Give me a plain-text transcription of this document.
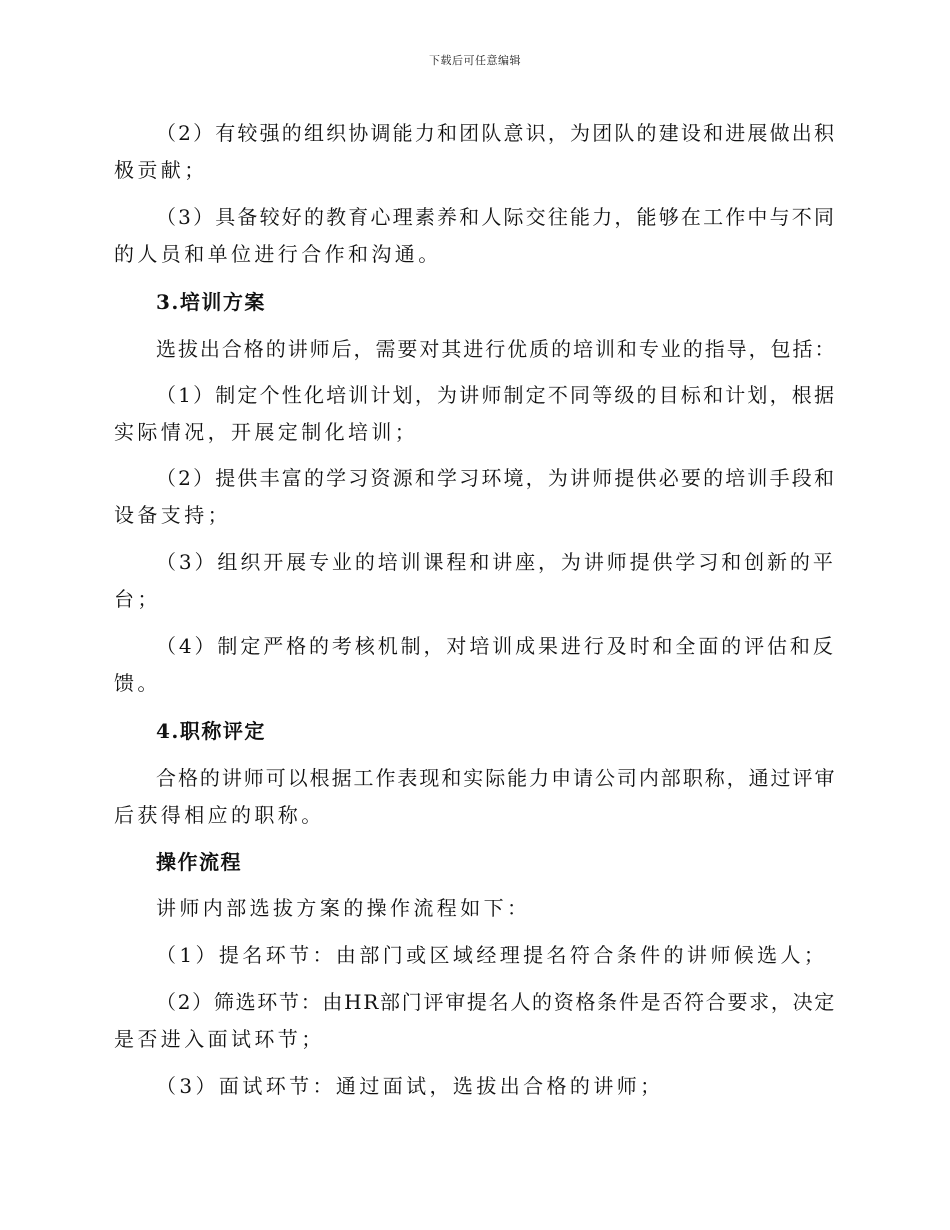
下载后可任意编辑
（2）有较强的组织协调能力和团队意识，为团队的建设和进展做出积
极贡献；
（3）具备较好的教育心理素养和人际交往能力，能够在工作中与不同
的人员和单位进行合作和沟通。
3.培训方案
选拔出合格的讲师后，需要对其进行优质的培训和专业的指导，包括：
（1）制定个性化培训计划，为讲师制定不同等级的目标和计划，根据
实际情况，开展定制化培训；
（2）提供丰富的学习资源和学习环境，为讲师提供必要的培训手段和
设备支持；
（3）组织开展专业的培训课程和讲座，为讲师提供学习和创新的平
台；
（4）制定严格的考核机制，对培训成果进行及时和全面的评估和反
馈。
4.职称评定
合格的讲师可以根据工作表现和实际能力申请公司内部职称，通过评审
后获得相应的职称。
操作流程
讲师内部选拔方案的操作流程如下：
（1）提名环节：由部门或区域经理提名符合条件的讲师候选人；
（2）筛选环节：由HR部门评审提名人的资格条件是否符合要求，决定
是否进入面试环节；
（3）面试环节：通过面试，选拔出合格的讲师；
